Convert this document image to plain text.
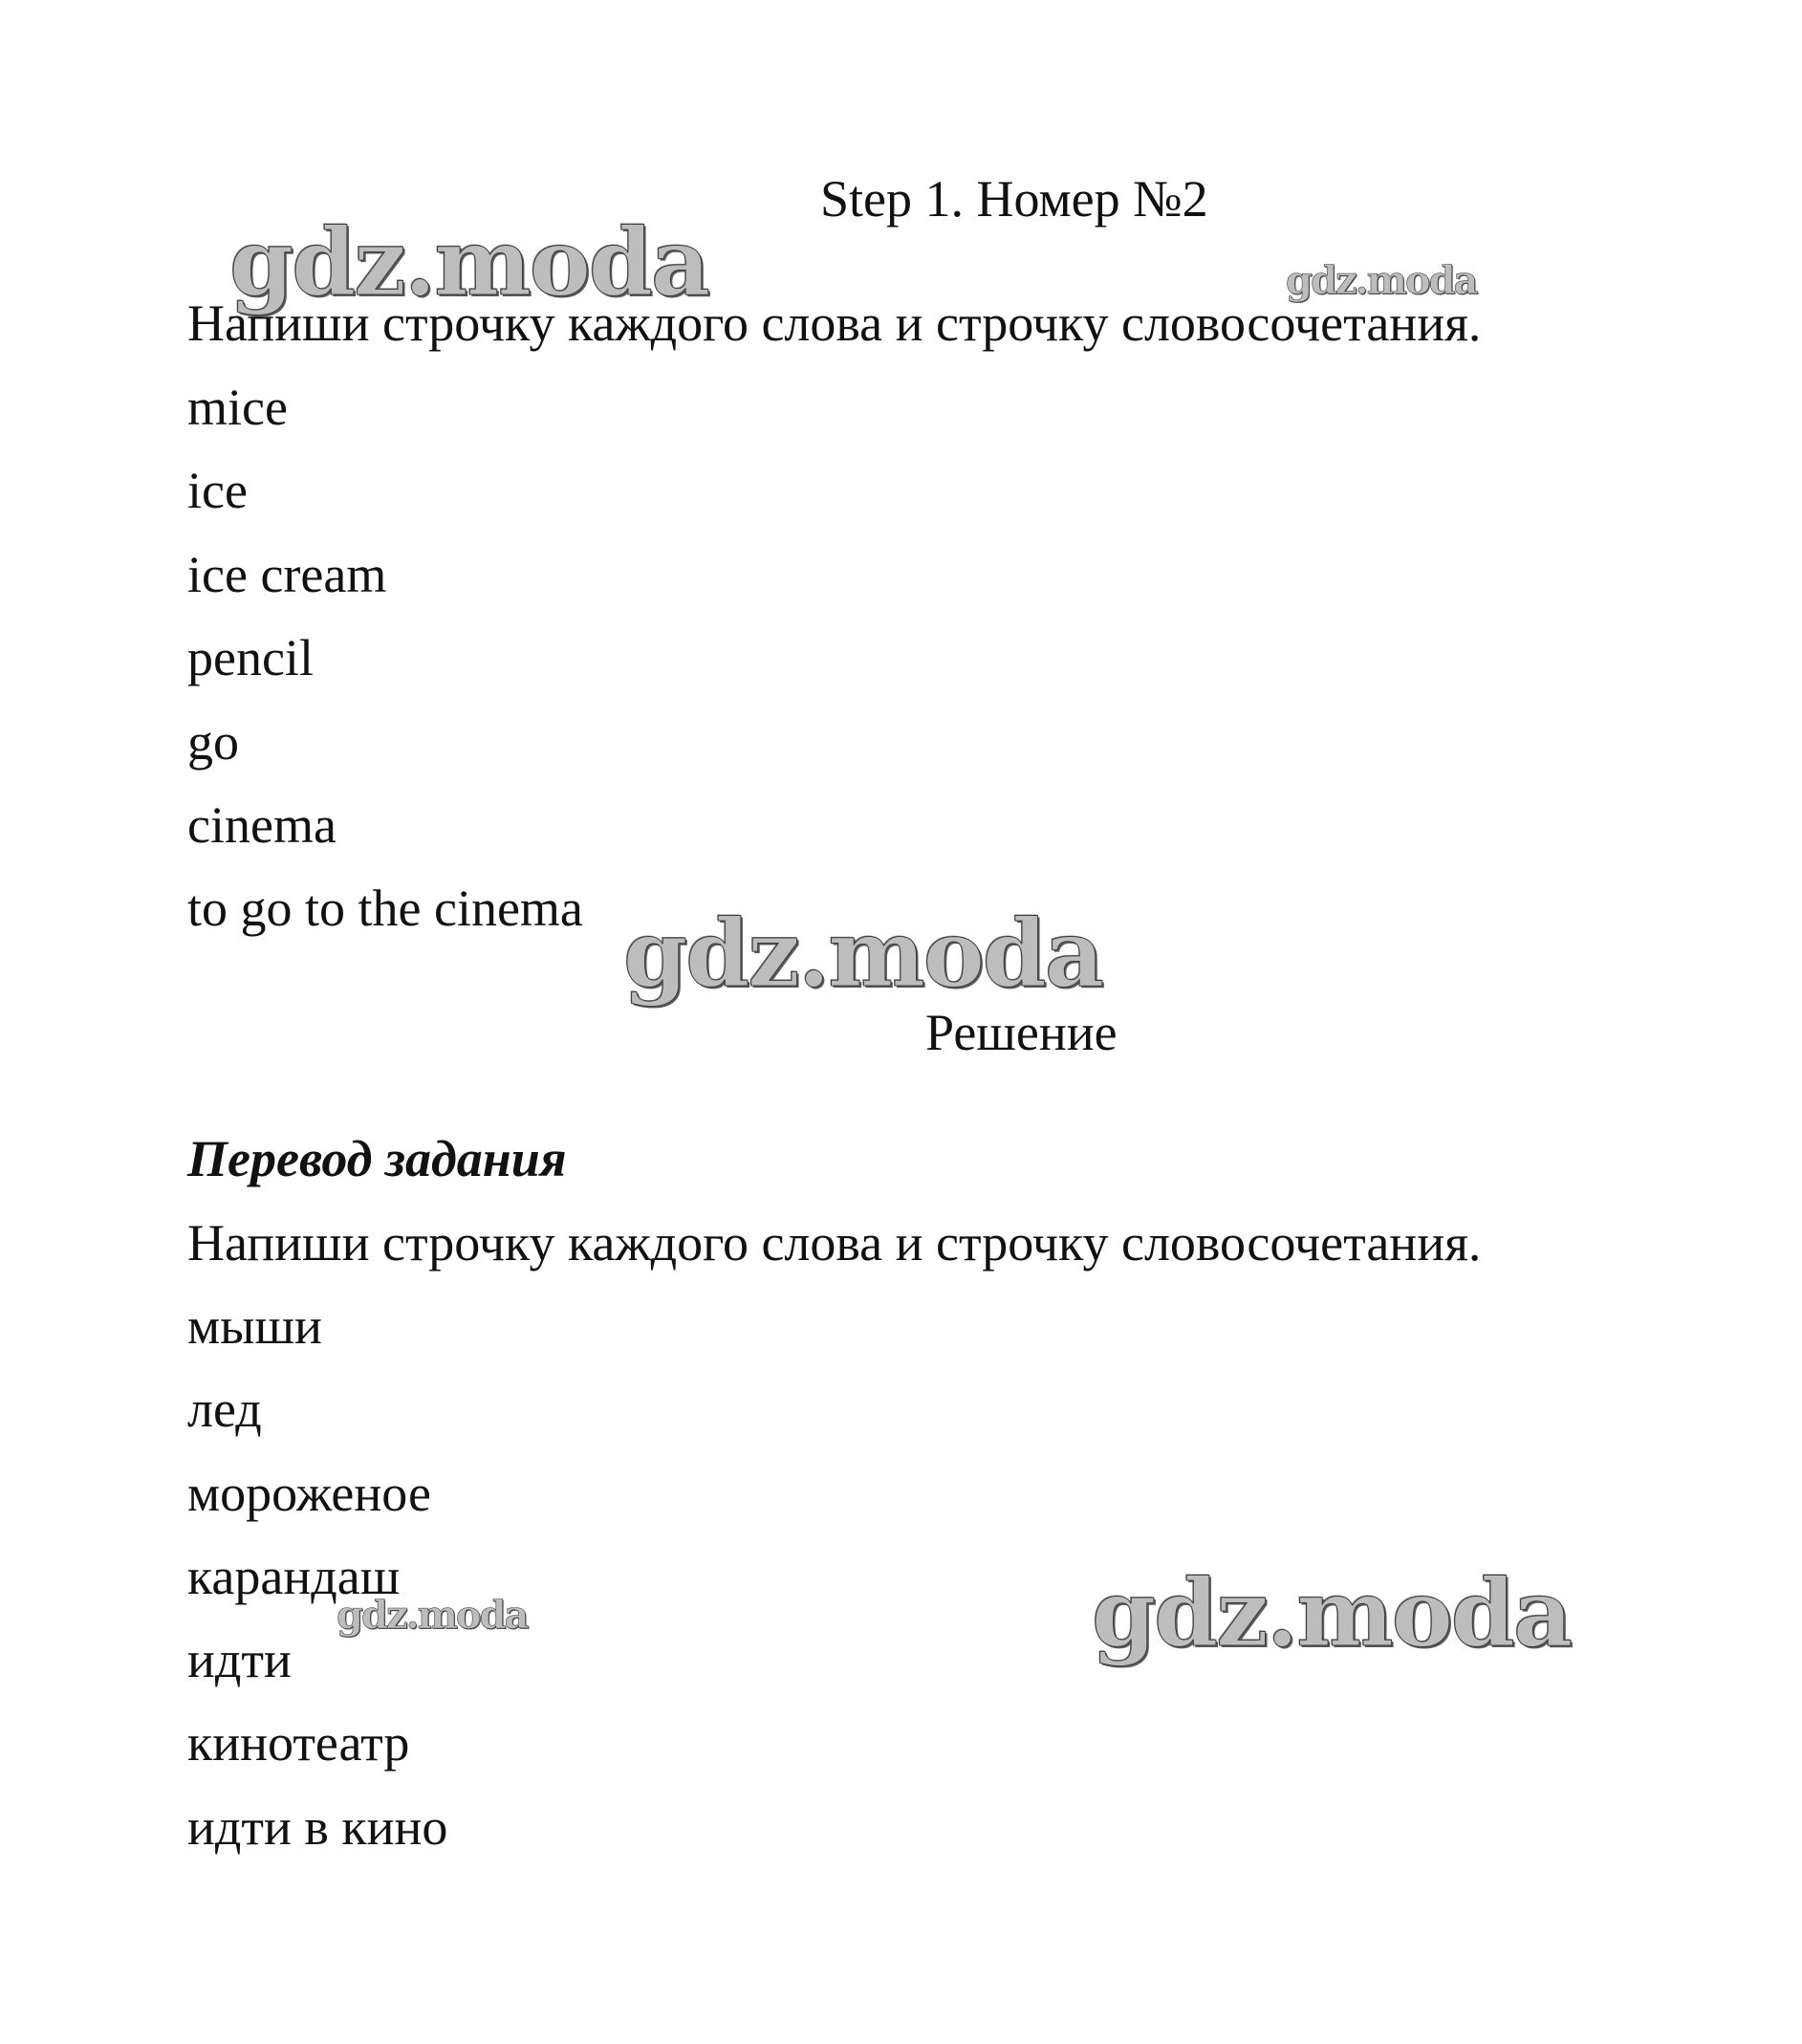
Step 1. Номер №2
gdz.moda	gdz.moda
Напиши строчку каждого слова и строчку словосочетания.
mice
ice
ice cream
pencil
go
cinema
to go to the cinema gdz.moda
Решение
Перевод задания
Напиши строчку каждого слова и строчку словосочетания.
мыши
лед
мороженое
карандаш
идти
кинотеатр
идти в кино
gdz.moda	gdz.moda
